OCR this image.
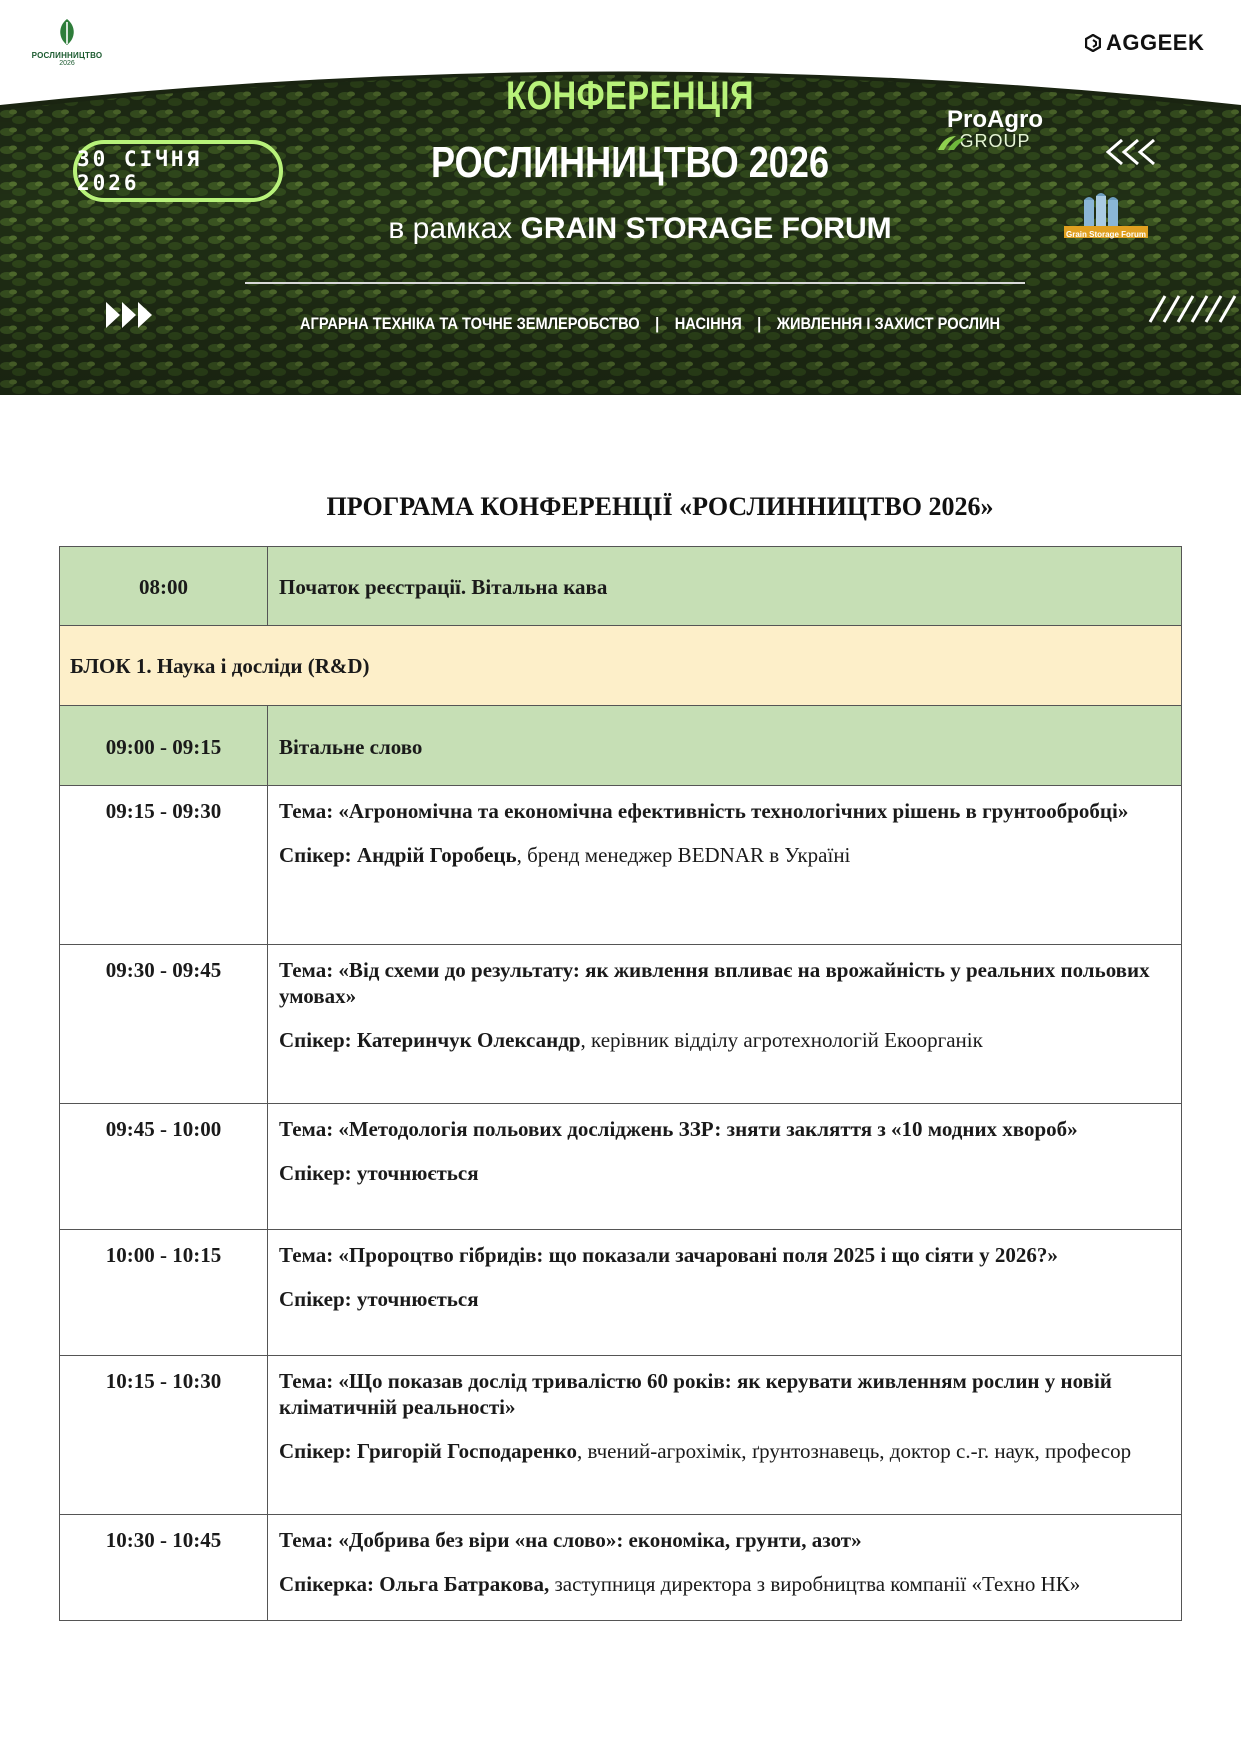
РОСЛИННИЦТВО
2026
AGGEEK
30 СІЧНЯ 2026
КОНФЕРЕНЦІЯ
РОСЛИННИЦТВО 2026
в рамках GRAIN STORAGE FORUM
АГРАРНА ТЕХНІКА ТА ТОЧНЕ ЗЕМЛЕРОБСТВО | НАСІННЯ | ЖИВЛЕННЯ І ЗАХИСТ РОСЛИН
ProAgro
GROUP
Grain Storage Forum
ПРОГРАМА КОНФЕРЕНЦІЇ «РОСЛИННИЦТВО 2026»
08:00	Початок реєстрації. Вітальна кава
БЛОК 1. Наука і досліди (R&D)	
09:00 - 09:15	Вітальне слово
09:15 - 09:30	Тема: «Агрономічна та економічна ефективність технологічних рішень в грунтообробці»
Спікер: Андрій Горобець, бренд менеджер BEDNAR в Україні

09:30 - 09:45	Тема: «Від схеми до результату: як живлення впливає на врожайність у реальних польових умовах»
Спікер: Катеринчук Олександр, керівник відділу агротехнологій Екоорганік

09:45 - 10:00	Тема: «Методологія польових досліджень ЗЗР: зняти закляття з «10 модних хвороб»
Спікер: уточнюється

10:00 - 10:15	Тема: «Пророцтво гібридів: що показали зачаровані поля 2025 і що сіяти у 2026?»
Спікер: уточнюється

10:15 - 10:30	Тема: «Що показав дослід тривалістю 60 років: як керувати живленням рослин у новій кліматичній реальності»
Спікер: Григорій Господаренко, вчений-агрохімік, ґрунтознавець, доктор с.-г. наук, професор

10:30 - 10:45	Тема: «Добрива без віри «на слово»: економіка, грунти, азот»
Спікерка: Ольга Батракова, заступниця директора з виробництва компанії «Техно НК»
